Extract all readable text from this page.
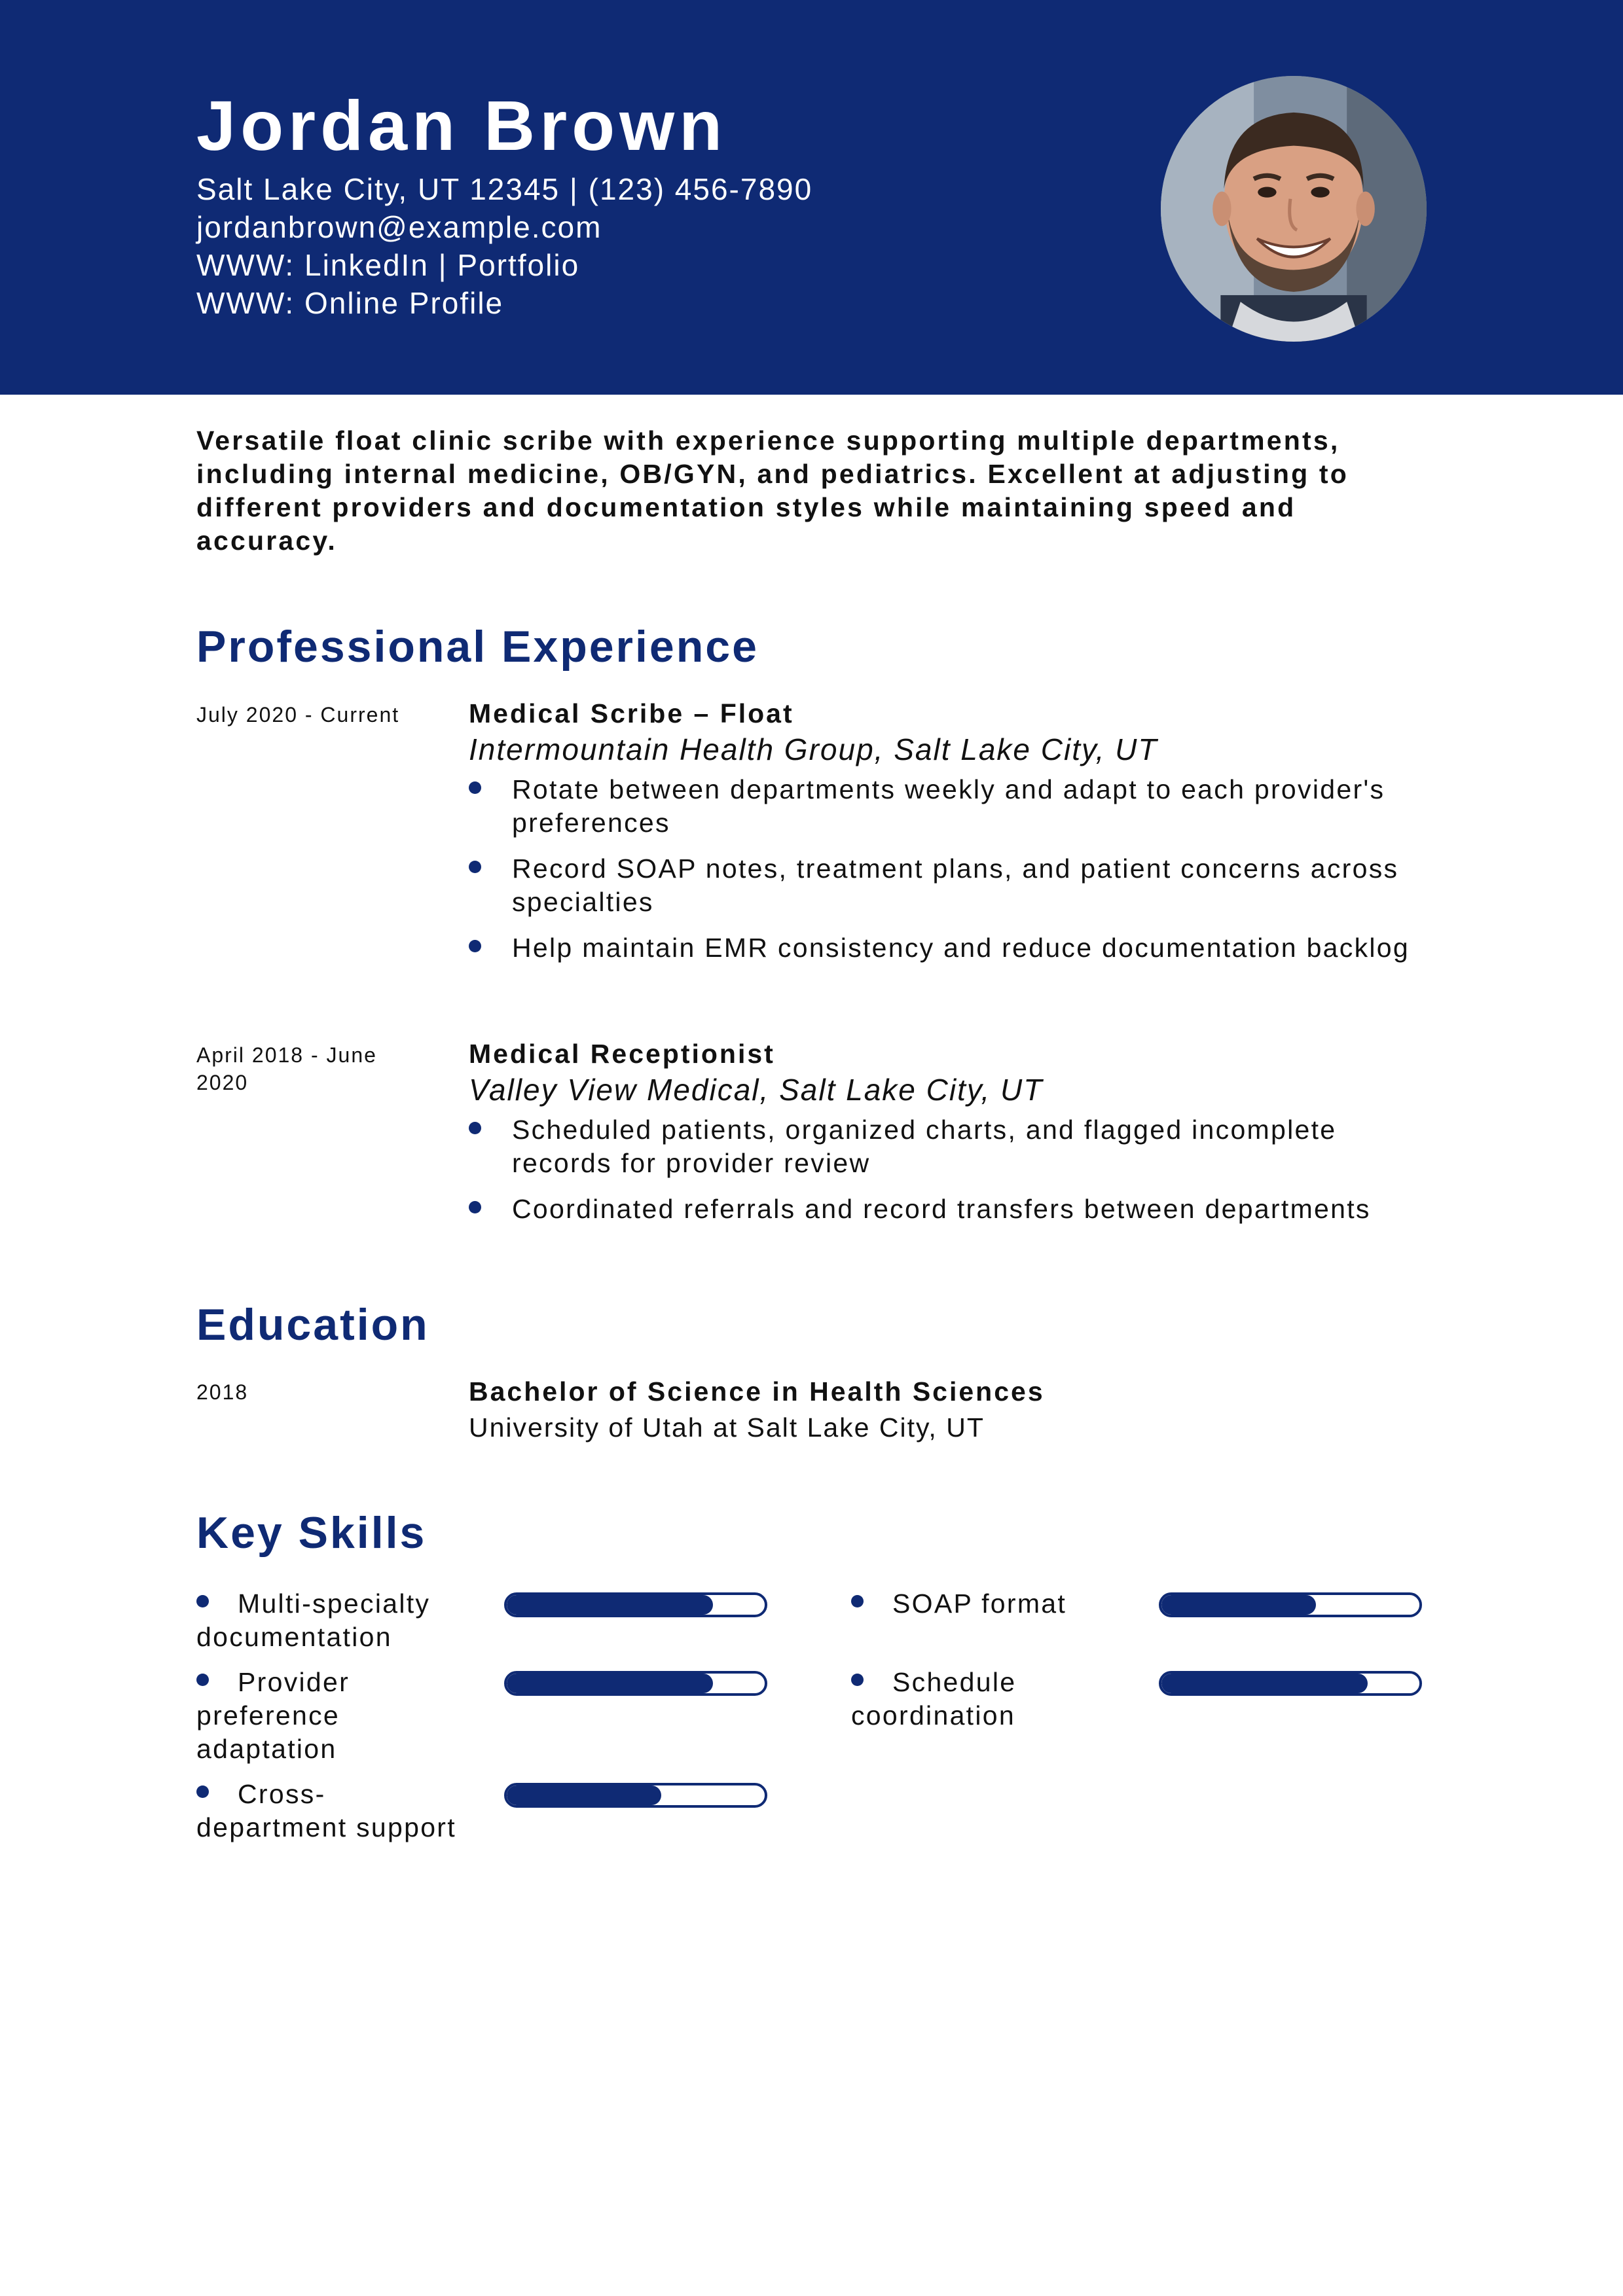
Jordan Brown
Salt Lake City, UT 12345 | (123) 456-7890
jordanbrown@example.com
WWW: LinkedIn | Portfolio
WWW: Online Profile

Versatile float clinic scribe with experience supporting multiple departments, including internal medicine, OB/GYN, and pediatrics. Excellent at adjusting to different providers and documentation styles while maintaining speed and accuracy.

Professional Experience
July 2020 - Current	Medical Scribe – Float
Intermountain Health Group, Salt Lake City, UT
Rotate between departments weekly and adapt to each provider's preferences
Record SOAP notes, treatment plans, and patient concerns across specialties
Help maintain EMR consistency and reduce documentation backlog
April 2018 - June 2020
Medical Receptionist
Valley View Medical, Salt Lake City, UT
Scheduled patients, organized charts, and flagged incomplete records for provider review
Coordinated referrals and record transfers between departments
Education
2018	Bachelor of Science in Health Sciences
University of Utah at Salt Lake City, UT
Key Skills
Multi-specialty documentation
SOAP format
Provider preference adaptation
Schedule coordination
Cross-department support
